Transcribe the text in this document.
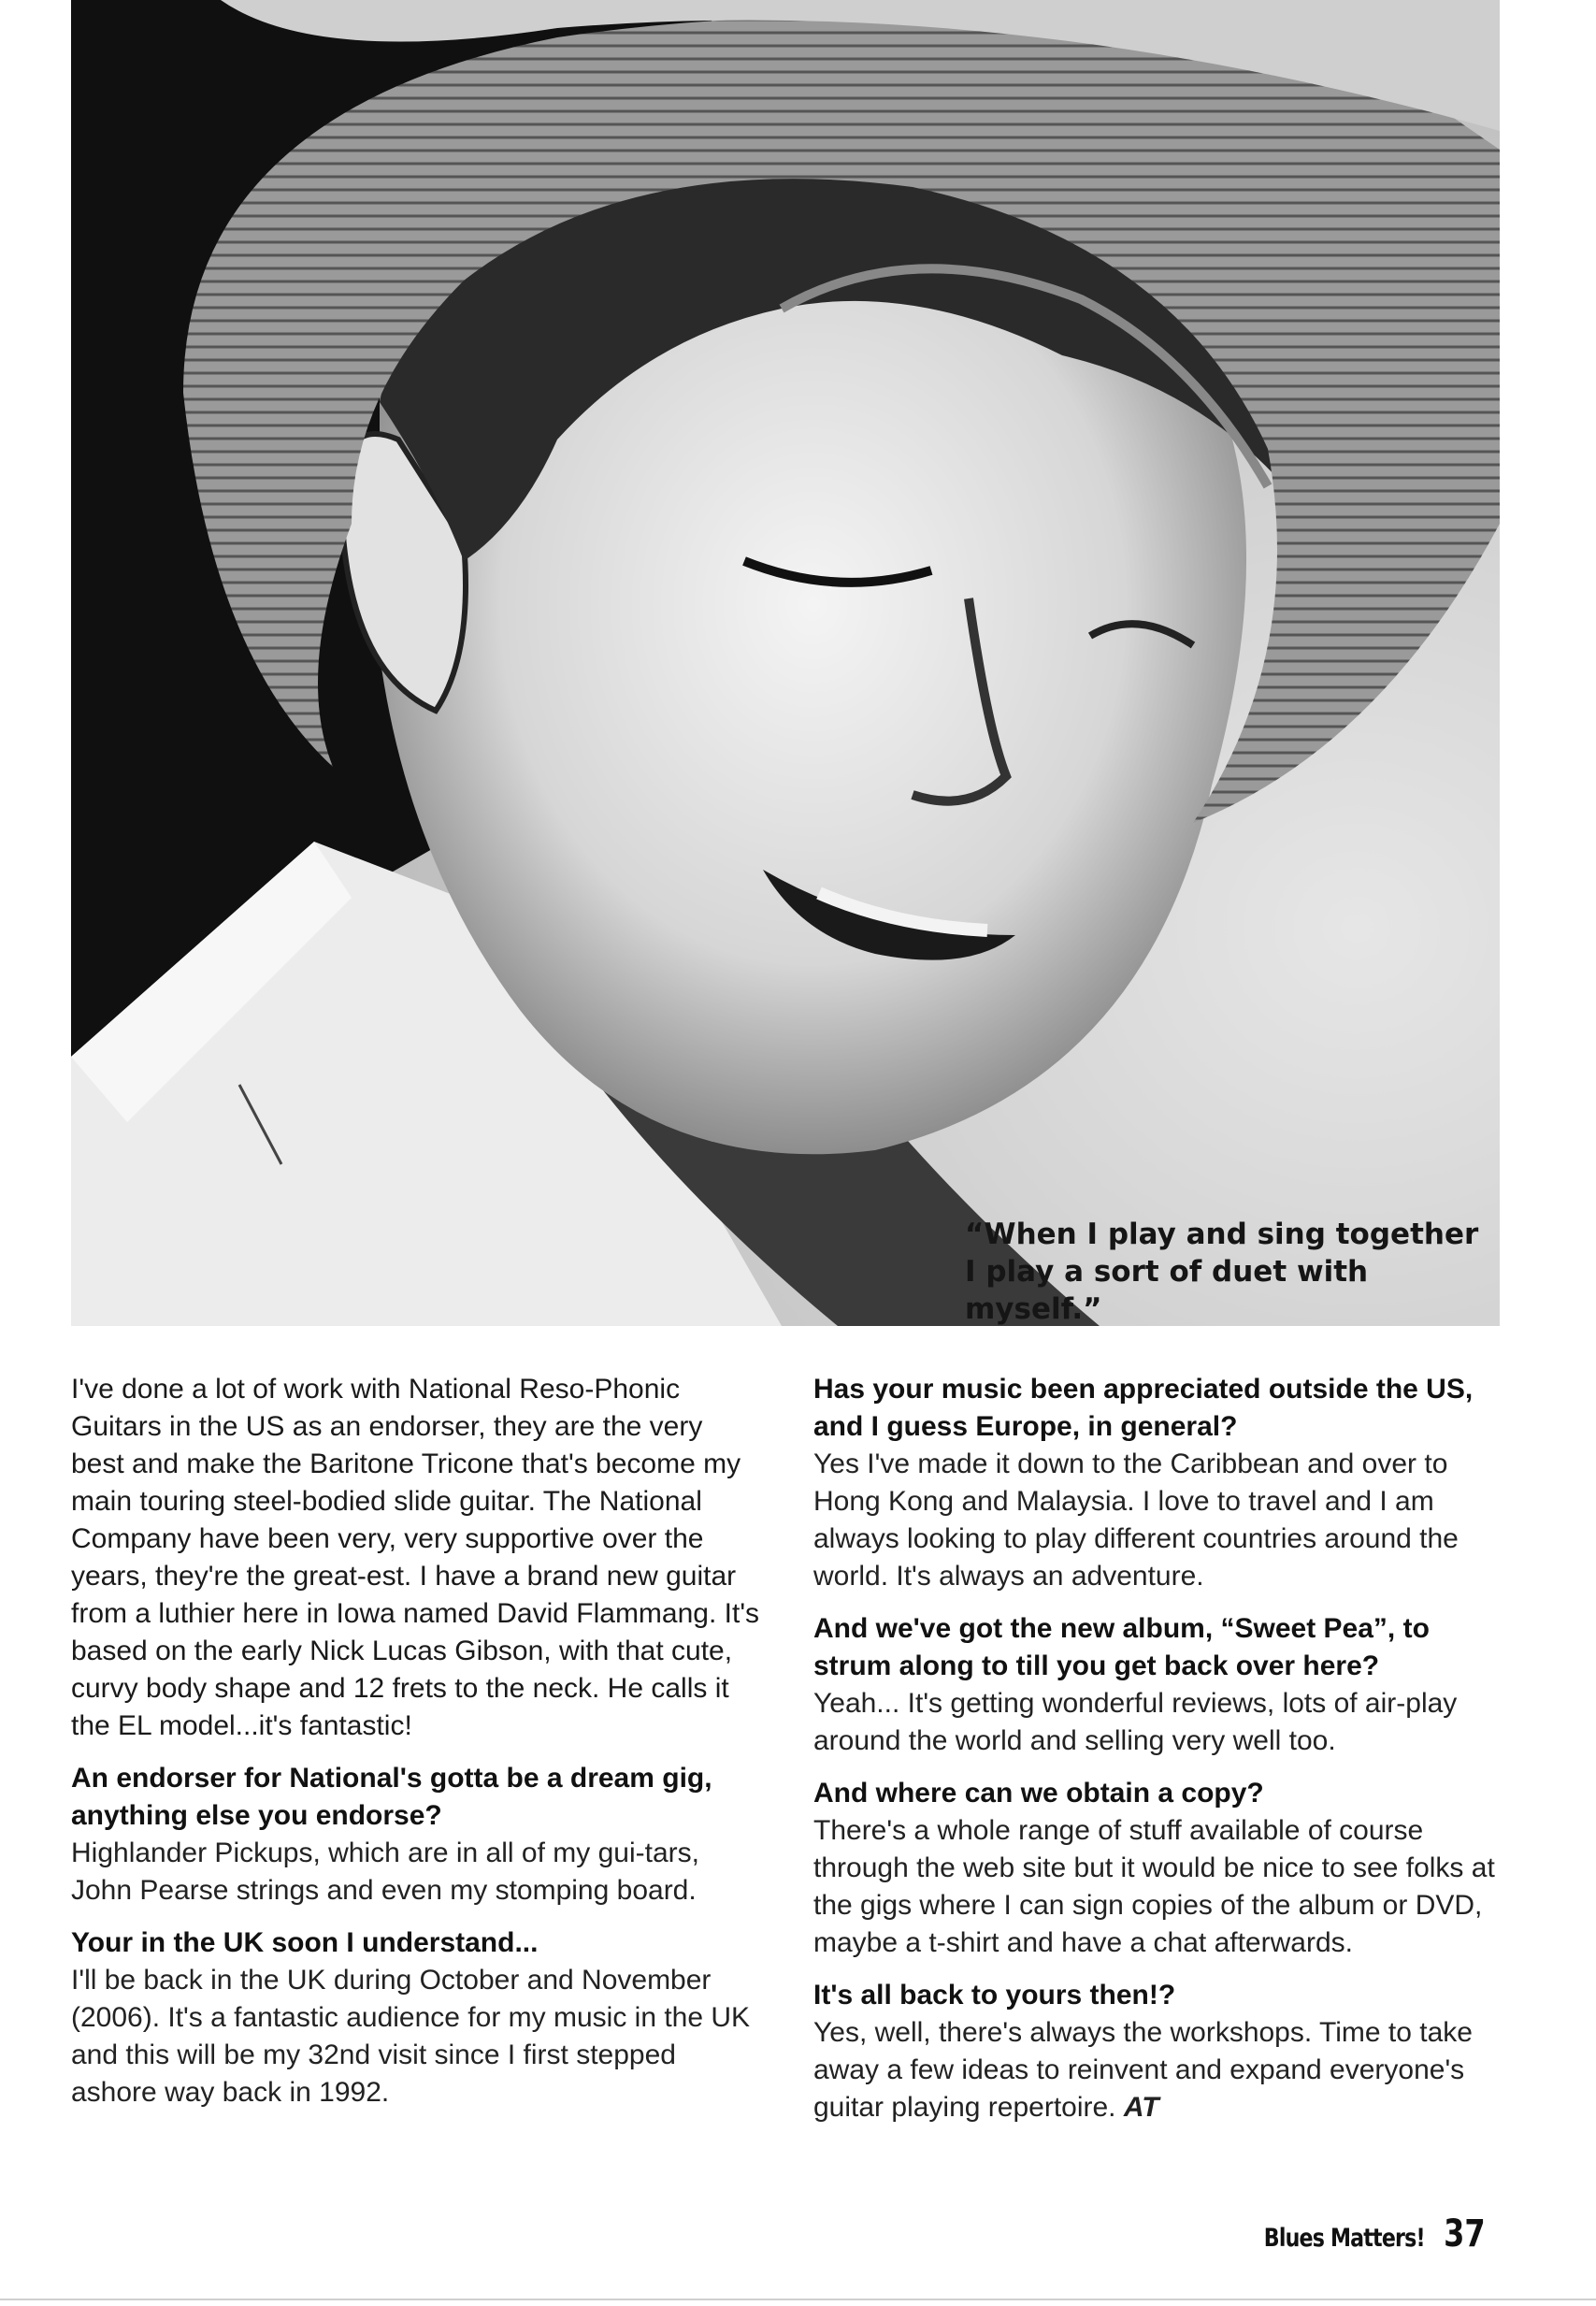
“When I play and sing together I play a sort of duet with myself.”

I've done a lot of work with National Reso-Phonic Guitars in the US as an endorser, they are the very best and make the Baritone Tricone that's become my main touring steel-bodied slide guitar. The National Company have been very, very supportive over the years, they're the great-est. I have a brand new guitar from a luthier here in Iowa named David Flammang. It's based on the early Nick Lucas Gibson, with that cute, curvy body shape and 12 frets to the neck. He calls it the EL model...it's fantastic!

An endorser for National's gotta be a dream gig, anything else you endorse?
Highlander Pickups, which are in all of my gui-tars, John Pearse strings and even my stomping board.

Your in the UK soon I understand...
I'll be back in the UK during October and November (2006). It's a fantastic audience for my music in the UK and this will be my 32nd visit since I first stepped ashore way back in 1992.

Has your music been appreciated outside the US, and I guess Europe, in general?
Yes I've made it down to the Caribbean and over to Hong Kong and Malaysia. I love to travel and I am always looking to play different countries around the world. It's always an adventure.

And we've got the new album, “Sweet Pea”, to strum along to till you get back over here?
Yeah... It's getting wonderful reviews, lots of air-play around the world and selling very well too.

And where can we obtain a copy?
There's a whole range of stuff available of course through the web site but it would be nice to see folks at the gigs where I can sign copies of the album or DVD, maybe a t-shirt and have a chat afterwards.

It's all back to yours then!?
Yes, well, there's always the workshops. Time to take away a few ideas to reinvent and expand everyone's guitar playing repertoire. AT

Blues Matters! 37
